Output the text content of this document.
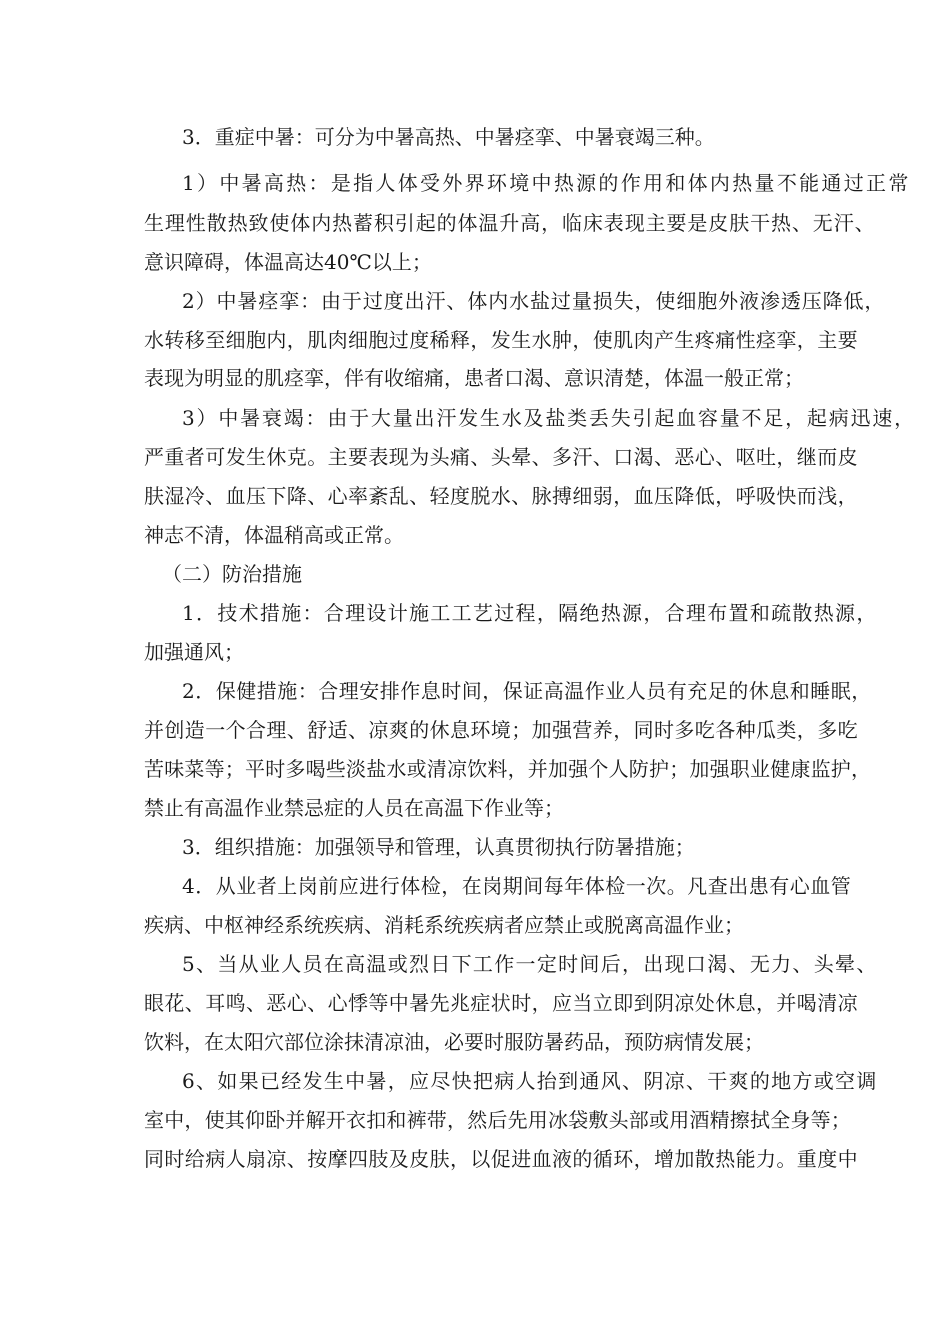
3．重症中暑：可分为中暑高热、中暑痉挛、中暑衰竭三种。
1）中暑高热：是指人体受外界环境中热源的作用和体内热量不能通过正常
生理性散热致使体内热蓄积引起的体温升高，临床表现主要是皮肤干热、无汗、
意识障碍，体温高达40℃以上；
2）中暑痉挛：由于过度出汗、体内水盐过量损失，使细胞外液渗透压降低，
水转移至细胞内，肌肉细胞过度稀释，发生水肿，使肌肉产生疼痛性痉挛，主要
表现为明显的肌痉挛，伴有收缩痛，患者口渴、意识清楚，体温一般正常；
3）中暑衰竭：由于大量出汗发生水及盐类丢失引起血容量不足，起病迅速，
严重者可发生休克。主要表现为头痛、头晕、多汗、口渴、恶心、呕吐，继而皮
肤湿冷、血压下降、心率紊乱、轻度脱水、脉搏细弱，血压降低，呼吸快而浅，
神志不清，体温稍高或正常。
（二）防治措施
1．技术措施：合理设计施工工艺过程，隔绝热源，合理布置和疏散热源，
加强通风；
2．保健措施：合理安排作息时间，保证高温作业人员有充足的休息和睡眠，
并创造一个合理、舒适、凉爽的休息环境；加强营养，同时多吃各种瓜类，多吃
苦味菜等；平时多喝些淡盐水或清凉饮料，并加强个人防护；加强职业健康监护，
禁止有高温作业禁忌症的人员在高温下作业等；
3．组织措施：加强领导和管理，认真贯彻执行防暑措施；
4．从业者上岗前应进行体检，在岗期间每年体检一次。凡查出患有心血管
疾病、中枢神经系统疾病、消耗系统疾病者应禁止或脱离高温作业；
5、当从业人员在高温或烈日下工作一定时间后，出现口渴、无力、头晕、
眼花、耳鸣、恶心、心悸等中暑先兆症状时，应当立即到阴凉处休息，并喝清凉
饮料，在太阳穴部位涂抹清凉油，必要时服防暑药品，预防病情发展；
6、如果已经发生中暑，应尽快把病人抬到通风、阴凉、干爽的地方或空调
室中，使其仰卧并解开衣扣和裤带，然后先用冰袋敷头部或用酒精擦拭全身等；
同时给病人扇凉、按摩四肢及皮肤，以促进血液的循环，增加散热能力。重度中
